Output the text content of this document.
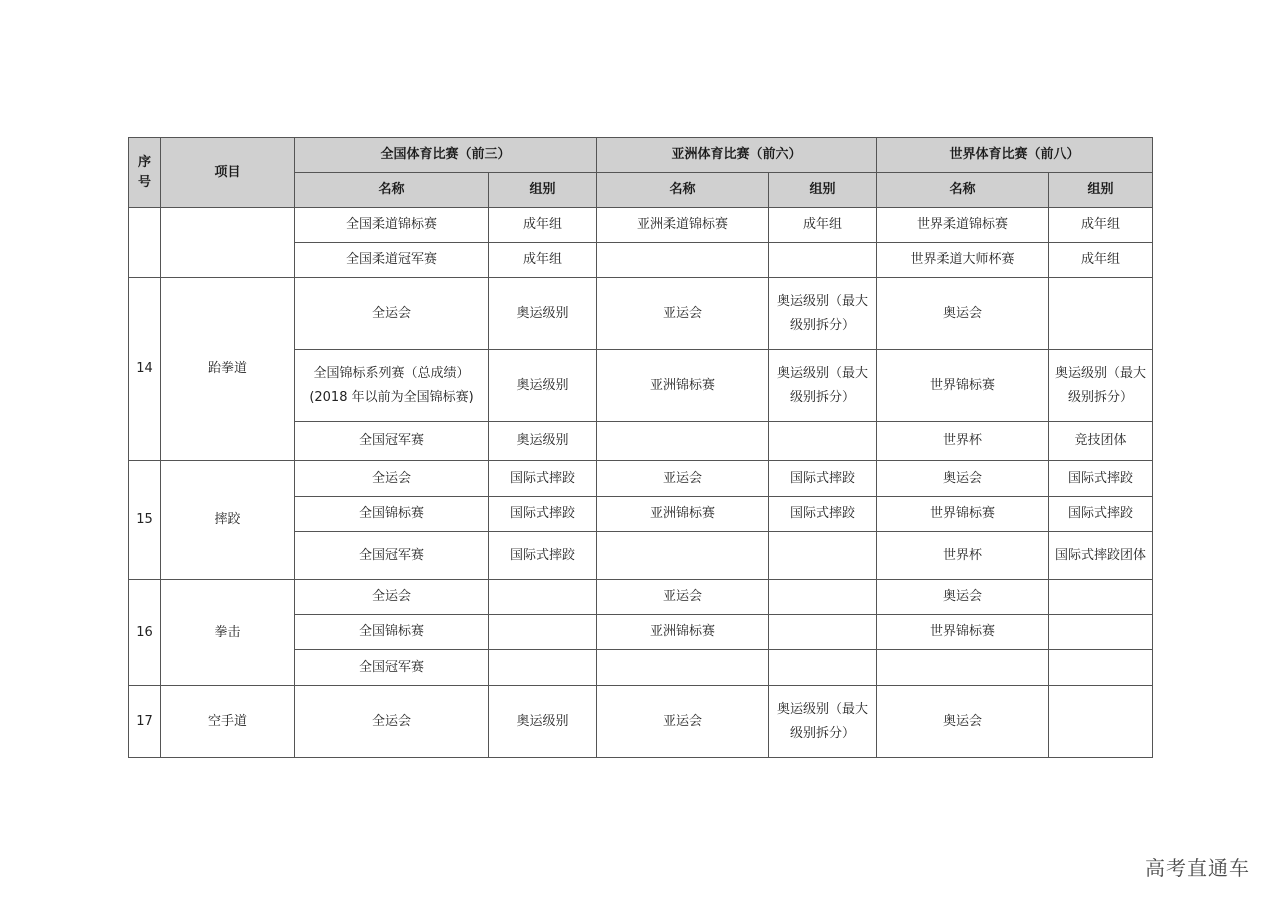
序号	项目	全国体育比赛（前三）		亚洲体育比赛（前六）		世界体育比赛（前八）	
		名称	组别	名称	组别	名称	组别
		全国柔道锦标赛	成年组	亚洲柔道锦标赛	成年组	世界柔道锦标赛	成年组
		全国柔道冠军赛	成年组			世界柔道大师杯赛	成年组
14	跆拳道	全运会	奥运级别	亚运会	奥运级别（最大级别拆分）	奥运会	
		全国锦标系列赛（总成绩）(2018 年以前为全国锦标赛)	奥运级别	亚洲锦标赛	奥运级别（最大级别拆分）	世界锦标赛	奥运级别（最大级别拆分）
		全国冠军赛	奥运级别			世界杯	竞技团体
15	摔跤	全运会	国际式摔跤	亚运会	国际式摔跤	奥运会	国际式摔跤
		全国锦标赛	国际式摔跤	亚洲锦标赛	国际式摔跤	世界锦标赛	国际式摔跤
		全国冠军赛	国际式摔跤			世界杯	国际式摔跤团体
16	拳击	全运会		亚运会		奥运会	
		全国锦标赛		亚洲锦标赛		世界锦标赛	
		全国冠军赛					
17	空手道	全运会	奥运级别	亚运会	奥运级别（最大级别拆分）	奥运会	
高考直通车
